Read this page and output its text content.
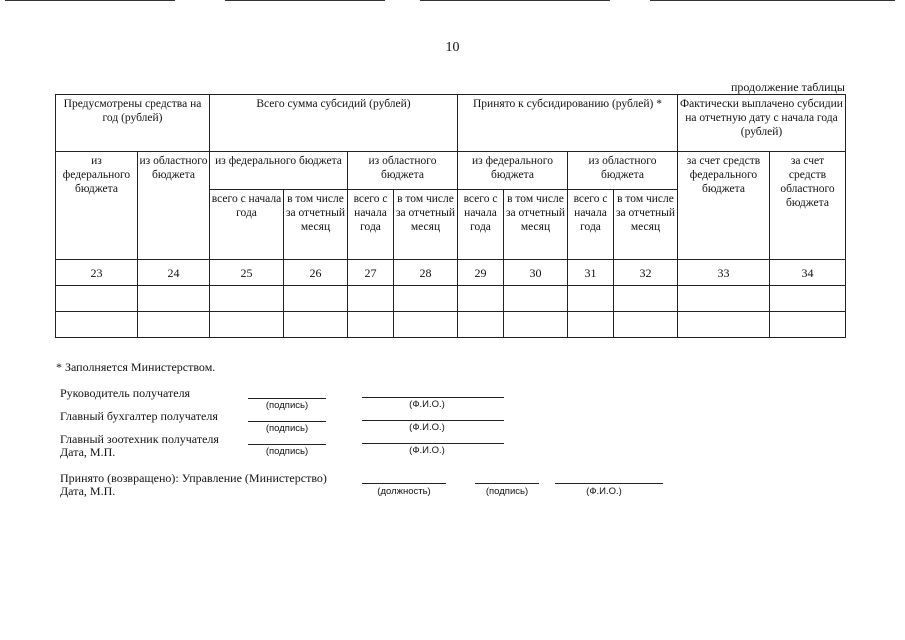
10
продолжение таблицы
Предусмотрены средства на год (рублей)		Всего сумма субсидий (рублей)				Принято к субсидированию (рублей) *				Фактически выплачено субсидии на отчетную дату с начала года (рублей)	
из федерального бюджета	из областного бюджета	из федерального бюджета		из областного бюджета		из федерального бюджета		из областного бюджета		за счет средств федерального бюджета	за счет средств областного бюджета
		всего с начала года	в том числе за отчетный месяц	всего с начала года	в том числе за отчетный месяц	всего с начала года	в том числе за отчетный месяц	всего с начала года	в том числе за отчетный месяц		
23	24	25	26	27	28	29	30	31	32	33	34

* Заполняется Министерством.
Руководитель получателя
(подпись)	(Ф.И.О.)
Главный бухгалтер получателя
(подпись)	(Ф.И.О.)
Главный зоотехник получателя
Дата, М.П.	(подпись)	(Ф.И.О.)
Принято (возвращено): Управление (Министерство)
Дата, М.П.	(должность)	(подпись)	(Ф.И.О.)
